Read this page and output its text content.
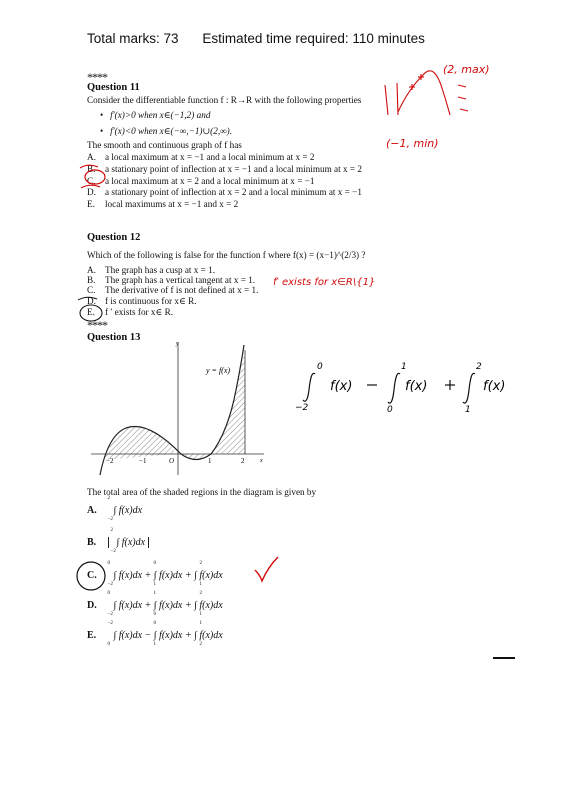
Total marks: 73 Estimated time required: 110 minutes
****
Question 11
Consider the differentiable function f : R→R with the following properties
•   f′(x)>0 when x∈(−1,2) and
•   f′(x)<0 when x∈(−∞,−1)∪(2,∞).
The smooth and continuous graph of f has
A. a local maximum at x = −1 and a local minimum at x = 2
B. a stationary point of inflection at x = −1 and a local minimum at x = 2
C. a local maximum at x = 2 and a local minimum at x = −1
D. a stationary point of inflection at x = 2 and a local minimum at x = −1
E. local maximums at x = −1 and x = 2
(2, max)
(−1, min)
Question 12
Which of the following is false for the function f where f(x) = (x−1)^(2/3) ?
A. The graph has a cusp at x = 1.
B. The graph has a vertical tangent at x = 1.
C. The derivative of f is not defined at x = 1.
D. f is continuous for x∈ R.
E. f ′ exists for x∈ R.
****
f′ exists for x∈R\{1}
Question 13
y = f(x)
y
x
−2	−1	O	1	2
0
−2
f(x)
1
0
f(x)
2
1
f(x)
The total area of the shaded regions in the diagram is given by
A.
2
−2
∫ f(x)dx
B.
2
−2
∫ f(x)dx
C.
0
−2
0
1
2
1
∫ f(x)dx + ∫ f(x)dx + ∫ f(x)dx
D.
0
−2
1
0
2
1
∫ f(x)dx + ∫ f(x)dx + ∫ f(x)dx
E.
−2
0
0
1
1
2
∫ f(x)dx − ∫ f(x)dx + ∫ f(x)dx
